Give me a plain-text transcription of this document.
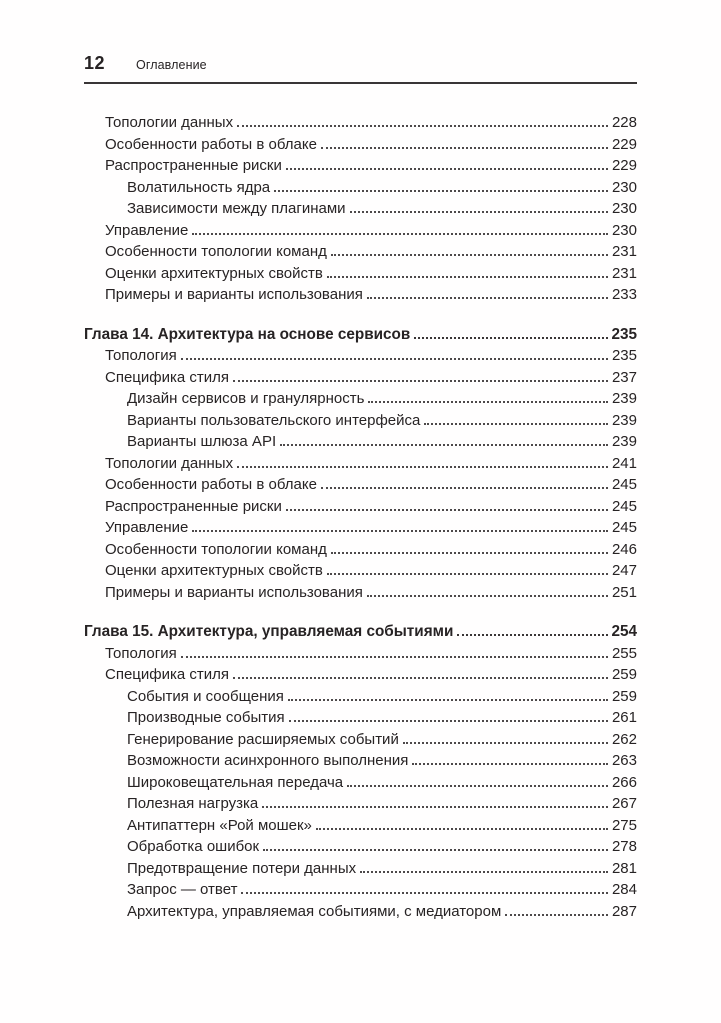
12 Оглавление
Топологии данных	228
Особенности работы в облаке	229
Распространенные риски	229
Волатильность ядра	230
Зависимости между плагинами	230
Управление	230
Особенности топологии команд	231
Оценки архитектурных свойств	231
Примеры и варианты использования	233
Глава 14. Архитектура на основе сервисов	235
Топология	235
Специфика стиля	237
Дизайн сервисов и гранулярность	239
Варианты пользовательского интерфейса	239
Варианты шлюза API	239
Топологии данных	241
Особенности работы в облаке	245
Распространенные риски	245
Управление	245
Особенности топологии команд	246
Оценки архитектурных свойств	247
Примеры и варианты использования	251
Глава 15. Архитектура, управляемая событиями	254
Топология	255
Специфика стиля	259
События и сообщения	259
Производные события	261
Генерирование расширяемых событий	262
Возможности асинхронного выполнения	263
Широковещательная передача	266
Полезная нагрузка	267
Антипаттерн «Рой мошек»	275
Обработка ошибок	278
Предотвращение потери данных	281
Запрос — ответ	284
Архитектура, управляемая событиями, с медиатором	287
